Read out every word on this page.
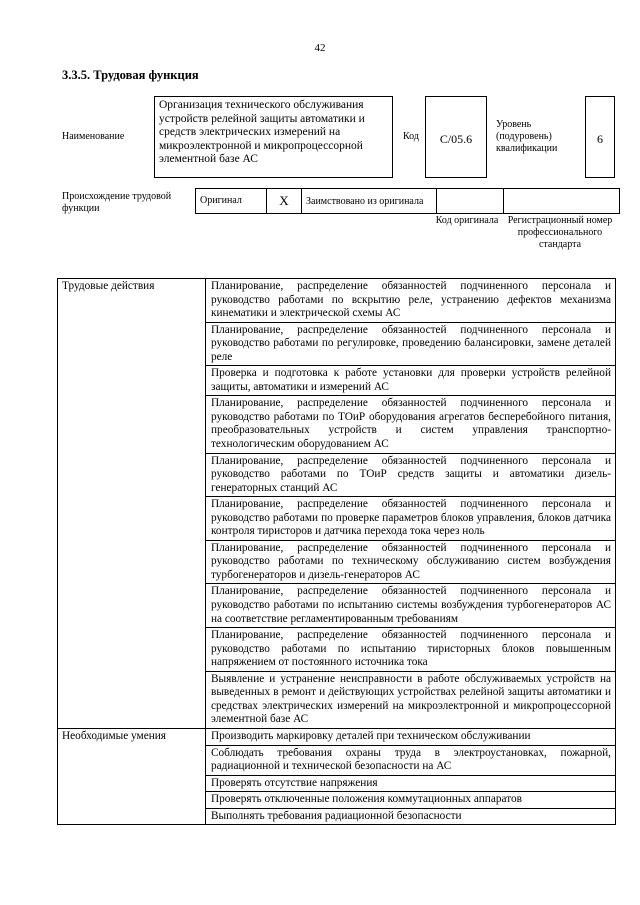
42
3.3.5. Трудовая функция
Наименование
Организация технического обслуживания устройств релейной защиты автоматики и средств электрических измерений на микроэлектронной и микропроцессорной элементной базе АС
Код	С/05.6
Уровень (подуровень) квалификации
6
Происхождение трудовой функции
Оригинал	X	Заимствовано из оригинала		
Код оригинала Регистрационный номер профессионального стандарта
Трудовые действия	Планирование, распределение обязанностей подчиненного персонала и руководство работами по вскрытию реле, устранению дефектов механизма кинематики и электрической схемы АС
	Планирование, распределение обязанностей подчиненного персонала и руководство работами по регулировке, проведению балансировки, замене деталей реле
	Проверка и подготовка к работе установки для проверки устройств релейной защиты, автоматики и измерений АС
	Планирование, распределение обязанностей подчиненного персонала и руководство работами по ТОиР оборудования агрегатов бесперебойного питания, преобразовательных устройств и систем управления транспортно-технологическим оборудованием АС
	Планирование, распределение обязанностей подчиненного персонала и руководство работами по ТОиР средств защиты и автоматики дизель-генераторных станций АС
	Планирование, распределение обязанностей подчиненного персонала и руководство работами по проверке параметров блоков управления, блоков датчика контроля тиристоров и датчика перехода тока через ноль
	Планирование, распределение обязанностей подчиненного персонала и руководство работами по техническому обслуживанию систем возбуждения турбогенераторов и дизель-генераторов АС
	Планирование, распределение обязанностей подчиненного персонала и руководство работами по испытанию системы возбуждения турбогенераторов АС на соответствие регламентированным требованиям
	Планирование, распределение обязанностей подчиненного персонала и руководство работами по испытанию тиристорных блоков повышенным напряжением от постоянного источника тока
	Выявление и устранение неисправности в работе обслуживаемых устройств на выведенных в ремонт и действующих устройствах релейной защиты автоматики и средствах электрических измерений на микроэлектронной и микропроцессорной элементной базе АС
Необходимые умения	Производить маркировку деталей при техническом обслуживании
	Соблюдать требования охраны труда в электроустановках, пожарной, радиационной и технической безопасности на АС
	Проверять отсутствие напряжения
	Проверять отключенные положения коммутационных аппаратов
	Выполнять требования радиационной безопасности
